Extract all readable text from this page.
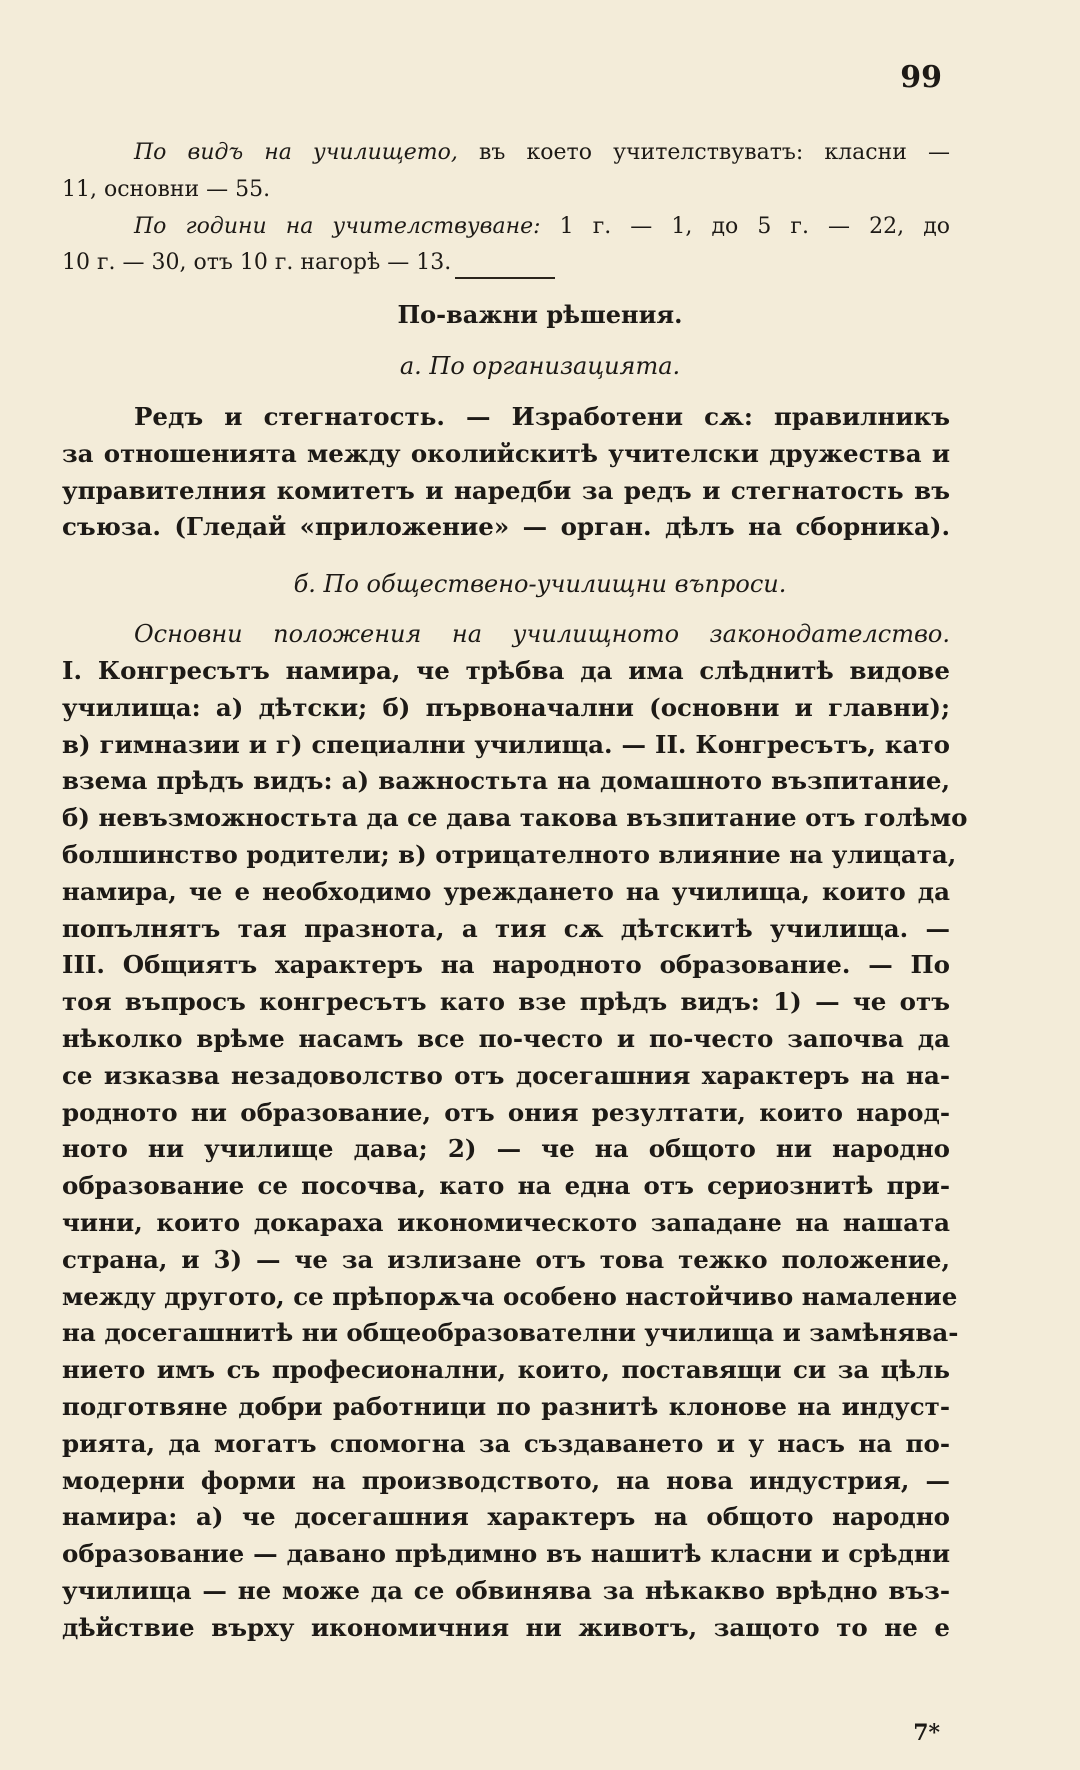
99
По видъ на училището, въ което учителствуватъ: класни —
11, основни — 55.
По години на учителствуване: 1 г. — 1, до 5 г. — 22, до
10 г. — 30, отъ 10 г. нагорѣ — 13.
По-важни рѣшения.
а. По организацията.
Редъ и стегнатость. — Изработени сѫ: правилникъ
за отношенията между околийскитѣ учителски дружества и
управителния комитетъ и наредби за редъ и стегнатость въ
съюза. (Гледай «приложение» — орган. дѣлъ на сборника).
б. По обществено-училищни въпроси.
Основни положения на училищното законодателство.
I. Конгресътъ намира, че трѣбва да има слѣднитѣ видове
училища: а) дѣтски; б) първоначални (основни и главни);
в) гимназии и г) специални училища. — II. Конгресътъ, като
взема прѣдъ видъ: а) важностьта на домашното възпитание,
б) невъзможностьта да се дава такова възпитание отъ голѣмо
болшинство родители; в) отрицателното влияние на улицата,
намира, че е необходимо уреждането на училища, които да
попълнятъ тая празнота, а тия сѫ дѣтскитѣ училища. —
III. Общиятъ характеръ на народното образование. — По
тоя въпросъ конгресътъ като взе прѣдъ видъ: 1) — че отъ
нѣколко врѣме насамъ все по-често и по-често започва да
се изказва незадоволство отъ досегашния характеръ на на-
родното ни образование, отъ ония резултати, които народ-
ното ни училище дава; 2) — че на общото ни народно
образование се посочва, като на една отъ сериознитѣ при-
чини, които докараха икономическото западане на нашата
страна, и 3) — че за излизане отъ това тежко положение,
между другото, се прѣпорѫча особено настойчиво намаление
на досегашнитѣ ни общеобразователни училища и замѣнява-
нието имъ съ професионални, които, поставящи си за цѣль
подготвяне добри работници по разнитѣ клонове на индуст-
рията, да могатъ спомогна за създаването и у насъ на по-
модерни форми на производството, на нова индустрия, —
намира: а) че досегашния характеръ на общото народно
образование — давано прѣдимно въ нашитѣ класни и срѣдни
училища — не може да се обвинява за нѣкакво врѣдно въз-
дѣйствие върху икономичния ни животъ, защото то не е
7*
